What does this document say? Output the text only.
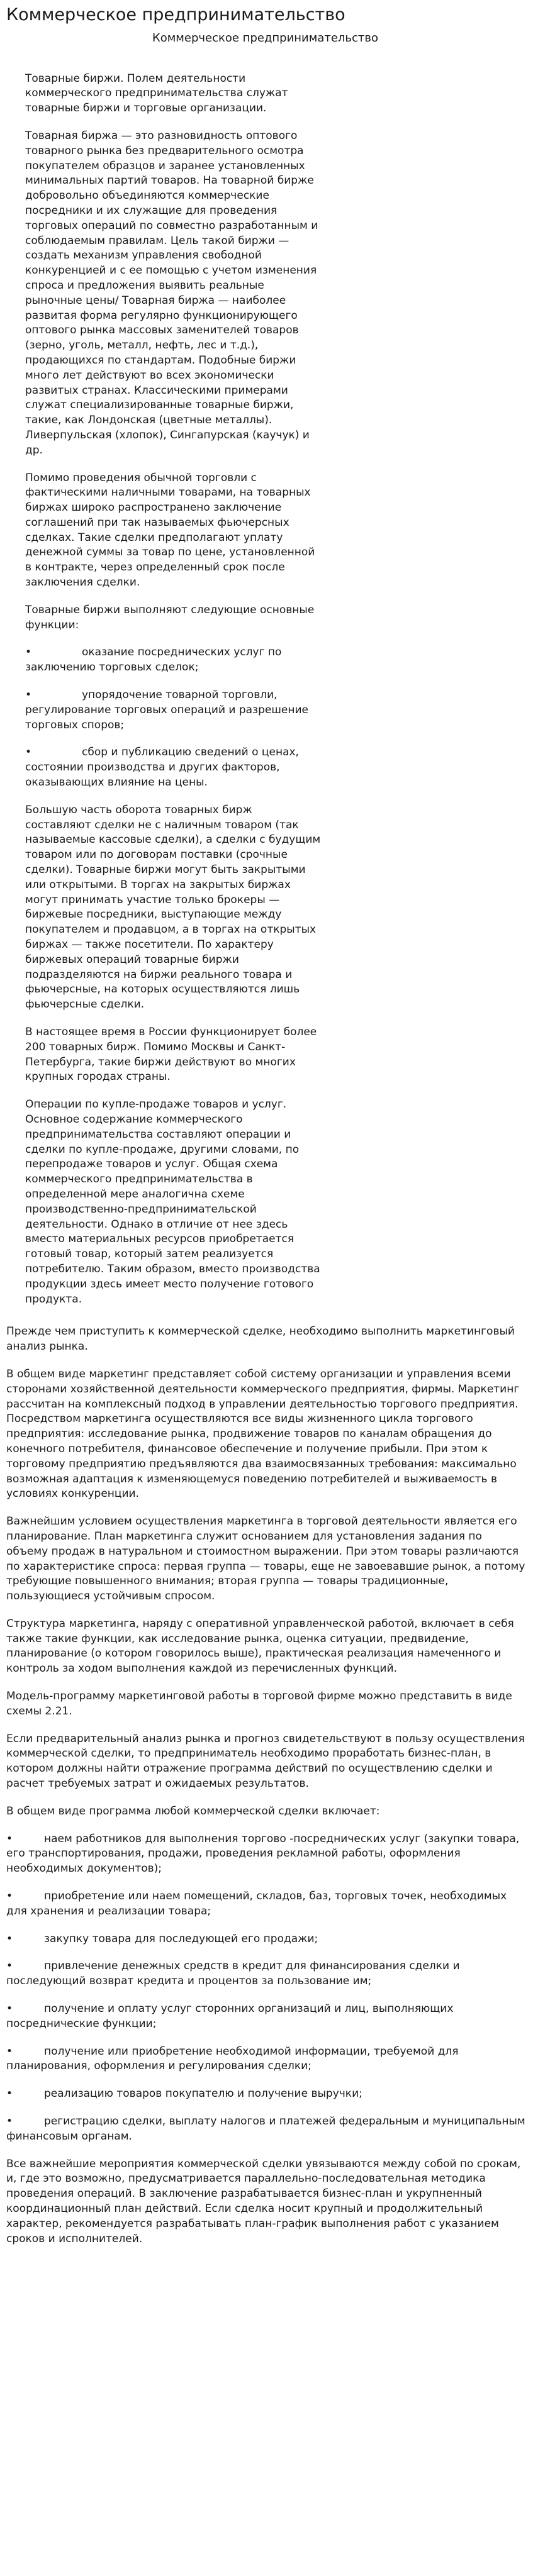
Коммерческое предпринимательство
Коммерческое предпринимательство

Товарные биржи. Полем деятельности коммерческого предпринимательства служат товарные биржи и торговые организации.

Товарная биржа — это разновидность оптового товарного рынка без предварительного осмотра покупателем образцов и заранее установленных минимальных партий товаров. На товарной бирже добровольно объединяются коммерческие посредники и их служащие для проведения торговых операций по совместно разработанным и соблюдаемым правилам. Цель такой биржи — создать механизм управления свободной конкуренцией и с ее помощью с учетом изменения спроса и предложения выявить реальные рыночные цены/ Товарная биржа — наиболее развитая форма регулярно функционирующего оптового рынка массовых заменителей товаров (зерно, уголь, металл, нефть, лес и т.д.), продающихся по стандартам. Подобные биржи много лет действуют во всех экономически развитых странах. Классическими примерами служат специализированные товарные биржи, такие, как Лондонская (цветные металлы). Ливерпульская (хлопок), Сингапурская (каучук) и др.

Помимо проведения обычной торговли с фактическими наличными товарами, на товарных биржах широко распространено заключение соглашений при так называемых фьючерсных сделках. Такие сделки предполагают уплату денежной суммы за товар по цене, установленной в контракте, через определенный срок после заключения сделки.

Товарные биржи выполняют следующие основные функции:

•	оказание посреднических услуг по заключению торговых сделок;

•	упорядочение товарной торговли, регулирование торговых операций и разрешение торговых споров;

•	сбор и публикацию сведений о ценах, состоянии производства и других факторов, оказывающих влияние на цены.

Большую часть оборота товарных бирж составляют сделки не с наличным товаром (так называемые кассовые сделки), а сделки с будущим товаром или по договорам поставки (срочные сделки). Товарные биржи могут быть закрытыми или открытыми. В торгах на закрытых биржах могут принимать участие только брокеры — биржевые посредники, выступающие между покупателем и продавцом, а в торгах на открытых биржах — также посетители. По характеру биржевых операций товарные биржи подразделяются на биржи реального товара и фьючерсные, на которых осуществляются лишь фьючерсные сделки.

В настоящее время в России функционирует более 200 товарных бирж. Помимо Москвы и Санкт-Петербурга, такие биржи действуют во многих крупных городах страны.

Операции по купле-продаже товаров и услуг. Основное содержание коммерческого предпринимательства составляют операции и сделки по купле-продаже, другими словами, по перепродаже товаров и услуг. Общая схема коммерческого предпринимательства в определенной мере аналогична схеме производственно-предпринимательской деятельности. Однако в отличие от нее здесь вместо материальных ресурсов приобретается готовый товар, который затем реализуется потребителю. Таким образом, вместо производства продукции здесь имеет место получение готового продукта.

Прежде чем приступить к коммерческой сделке, необходимо выполнить маркетинговый анализ рынка.

В общем виде маркетинг представляет собой систему организации и управления всеми сторонами хозяйственной деятельности коммерческого предприятия, фирмы. Маркетинг рассчитан на комплексный подход в управлении деятельностью торгового предприятия. Посредством маркетинга осуществляются все виды жизненного цикла торгового предприятия: исследование рынка, продвижение товаров по каналам обращения до конечного потребителя, финансовое обеспечение и получение прибыли. При этом к торговому предприятию предъявляются два взаимосвязанных требования: максимально возможная адаптация к изменяющемуся поведению потребителей и выживаемость в условиях конкуренции.

Важнейшим условием осуществления маркетинга в торговой деятельности является его планирование. План маркетинга служит основанием для установления задания по объему продаж в натуральном и стоимостном выражении. При этом товары различаются по характеристике спроса: первая группа — товары, еще не завоевавшие рынок, а потому требующие повышенного внимания; вторая группа — товары традиционные, пользующиеся устойчивым спросом.

Структура маркетинга, наряду с оперативной управленческой работой, включает в себя также такие функции, как исследование рынка, оценка ситуации, предвидение, планирование (о котором говорилось выше), практическая реализация намеченного и контроль за ходом выполнения каждой из перечисленных функций.

Модель-программу маркетинговой работы в торговой фирме можно представить в виде схемы 2.21.

Если предварительный анализ рынка и прогноз свидетельствуют в пользу осуществления коммерческой сделки, то предприниматель необходимо проработать бизнес-план, в котором должны найти отражение программа действий по осуществлению сделки и расчет требуемых затрат и ожидаемых результатов.

В общем виде программа любой коммерческой сделки включает:

•	наем работников для выполнения торгово -посреднических услуг (закупки товара, его транспортирования, продажи, проведения рекламной работы, оформления необходимых документов);

•	приобретение или наем помещений, складов, баз, торговых точек, необходимых для хранения и реализации товара;

•	закупку товара для последующей его продажи;

•	привлечение денежных средств в кредит для финансирования сделки и последующий возврат кредита и процентов за пользование им;

•	получение и оплату услуг сторонних организаций и лиц, выполняющих посреднические функции;

•	получение или приобретение необходимой информации, требуемой для планирования, оформления и регулирования сделки;

•	реализацию товаров покупателю и получение выручки;

•	регистрацию сделки, выплату налогов и платежей федеральным и муниципальным финансовым органам.

Все важнейшие мероприятия коммерческой сделки увязываются между собой по срокам, и, где это возможно, предусматривается параллельно-последовательная методика проведения операций. В заключение разрабатывается бизнес-план и укрупненный координационный план действий. Если сделка носит крупный и продолжительный характер, рекомендуется разрабатывать план-график выполнения работ с указанием сроков и исполнителей.
